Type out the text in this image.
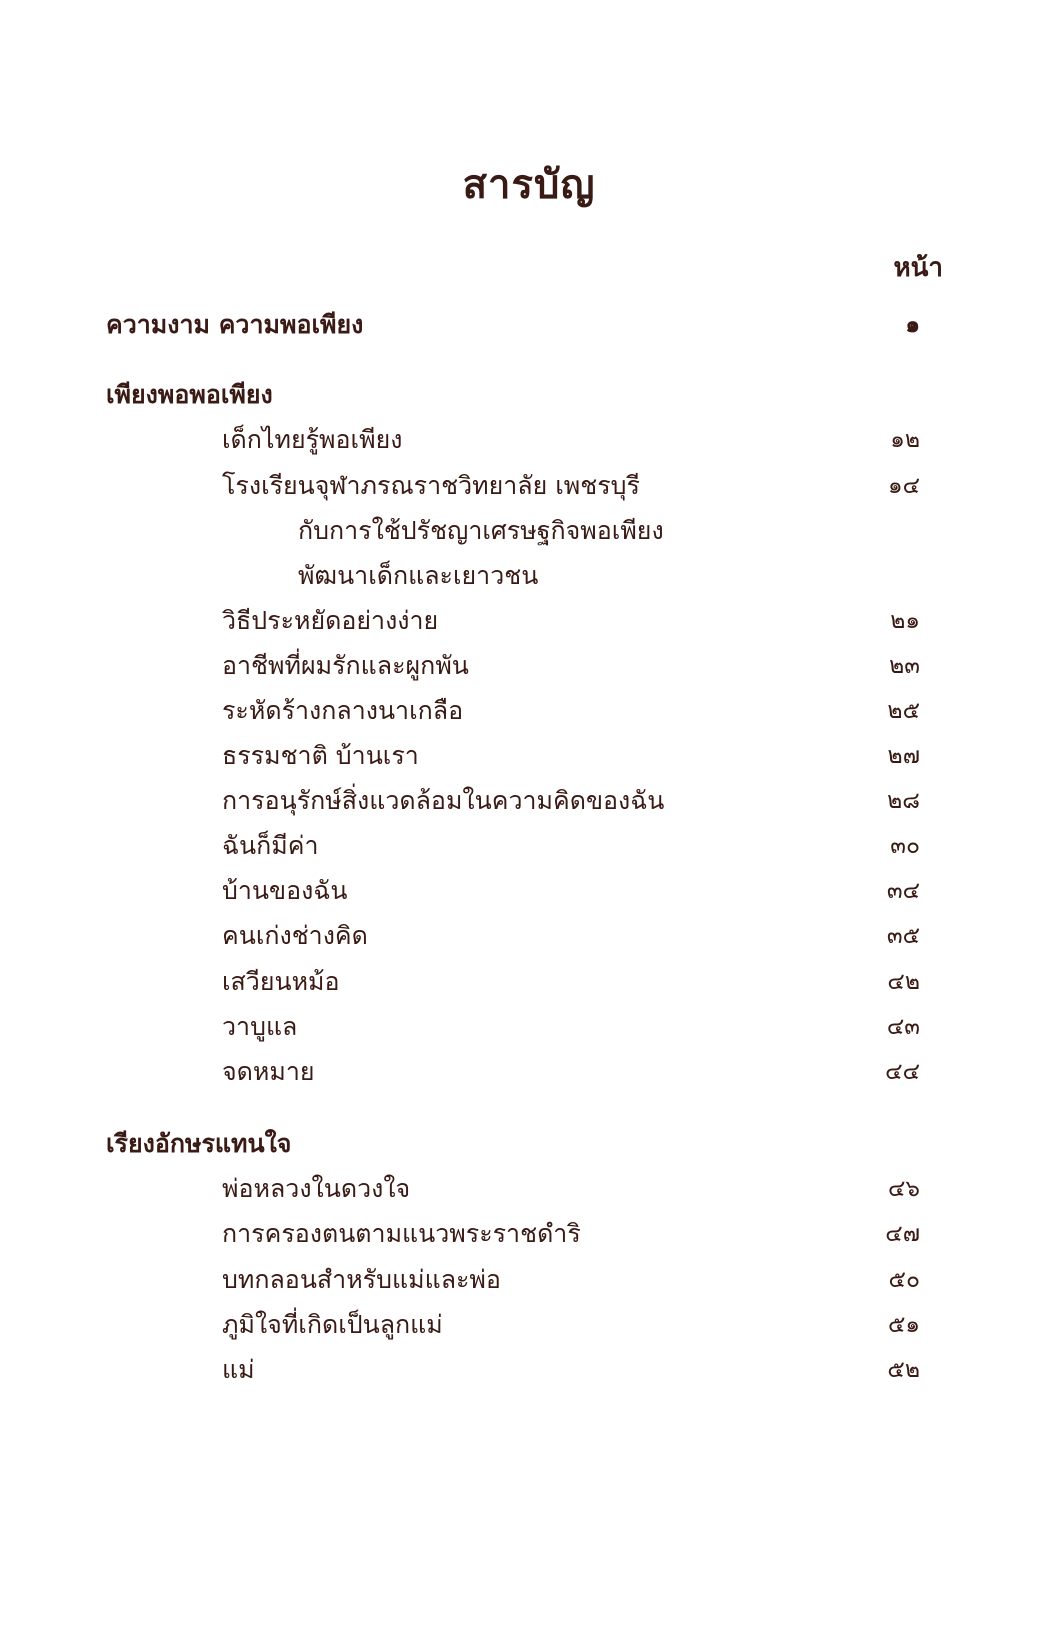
สารบัญ
หน้า
ความงาม ความพอเพียง	๑
เพียงพอพอเพียง
เด็กไทยรู้พอเพียง	๑๒
โรงเรียนจุฬาภรณราชวิทยาลัย เพชรบุรี	๑๔
กับการใช้ปรัชญาเศรษฐกิจพอเพียง
พัฒนาเด็กและเยาวชน
วิธีประหยัดอย่างง่าย	๒๑
อาชีพที่ผมรักและผูกพัน	๒๓
ระหัดร้างกลางนาเกลือ	๒๕
ธรรมชาติ บ้านเรา	๒๗
การอนุรักษ์สิ่งแวดล้อมในความคิดของฉัน	๒๘
ฉันก็มีค่า	๓๐
บ้านของฉัน	๓๔
คนเก่งช่างคิด	๓๕
เสวียนหม้อ	๔๒
วาบูแล	๔๓
จดหมาย	๔๔
เรียงอักษรแทนใจ
พ่อหลวงในดวงใจ	๔๖
การครองตนตามแนวพระราชดำริ	๔๗
บทกลอนสำหรับแม่และพ่อ	๕๐
ภูมิใจที่เกิดเป็นลูกแม่	๕๑
แม่	๕๒
